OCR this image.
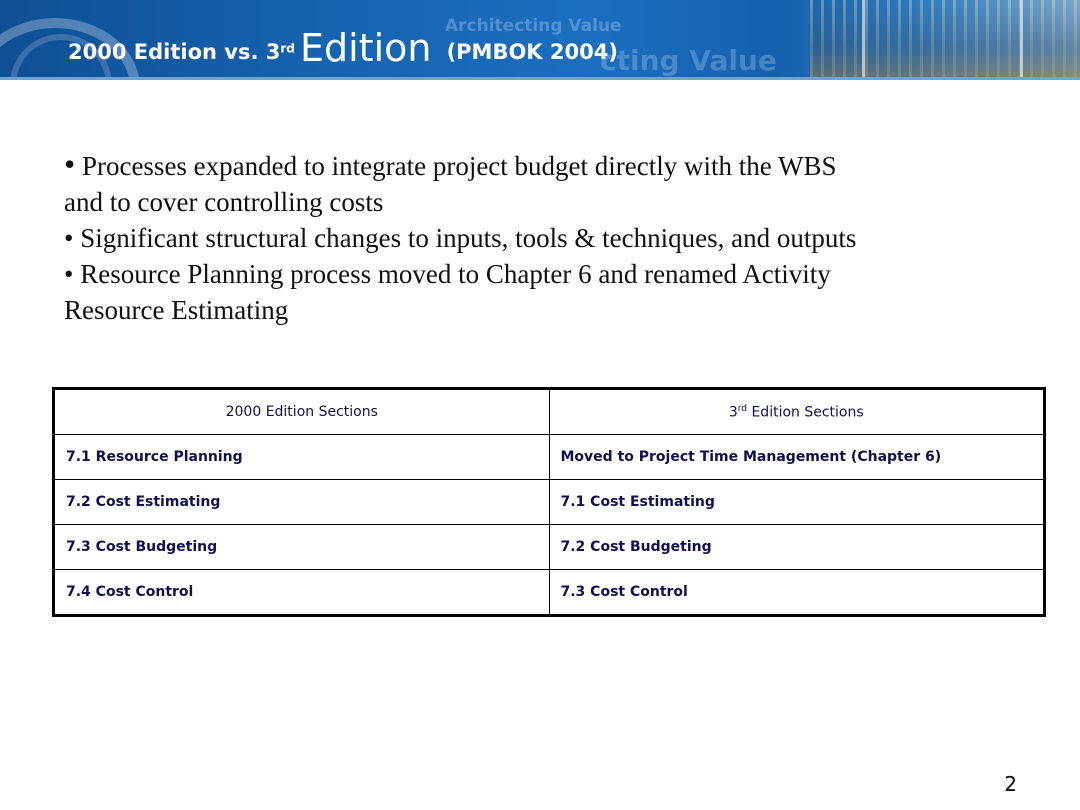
Architecting Value
cting Value
2000 Edition vs. 3rd Edition (PMBOK 2004)
• Processes expanded to integrate project budget directly with the WBS
and to cover controlling costs
• Significant structural changes to inputs, tools & techniques, and outputs
• Resource Planning process moved to Chapter 6 and renamed Activity
Resource Estimating
2000 Edition Sections	3rd Edition Sections
7.1 Resource Planning	Moved to Project Time Management (Chapter 6)
7.2 Cost Estimating	7.1 Cost Estimating
7.3 Cost Budgeting	7.2 Cost Budgeting
7.4 Cost Control	7.3 Cost Control
2
